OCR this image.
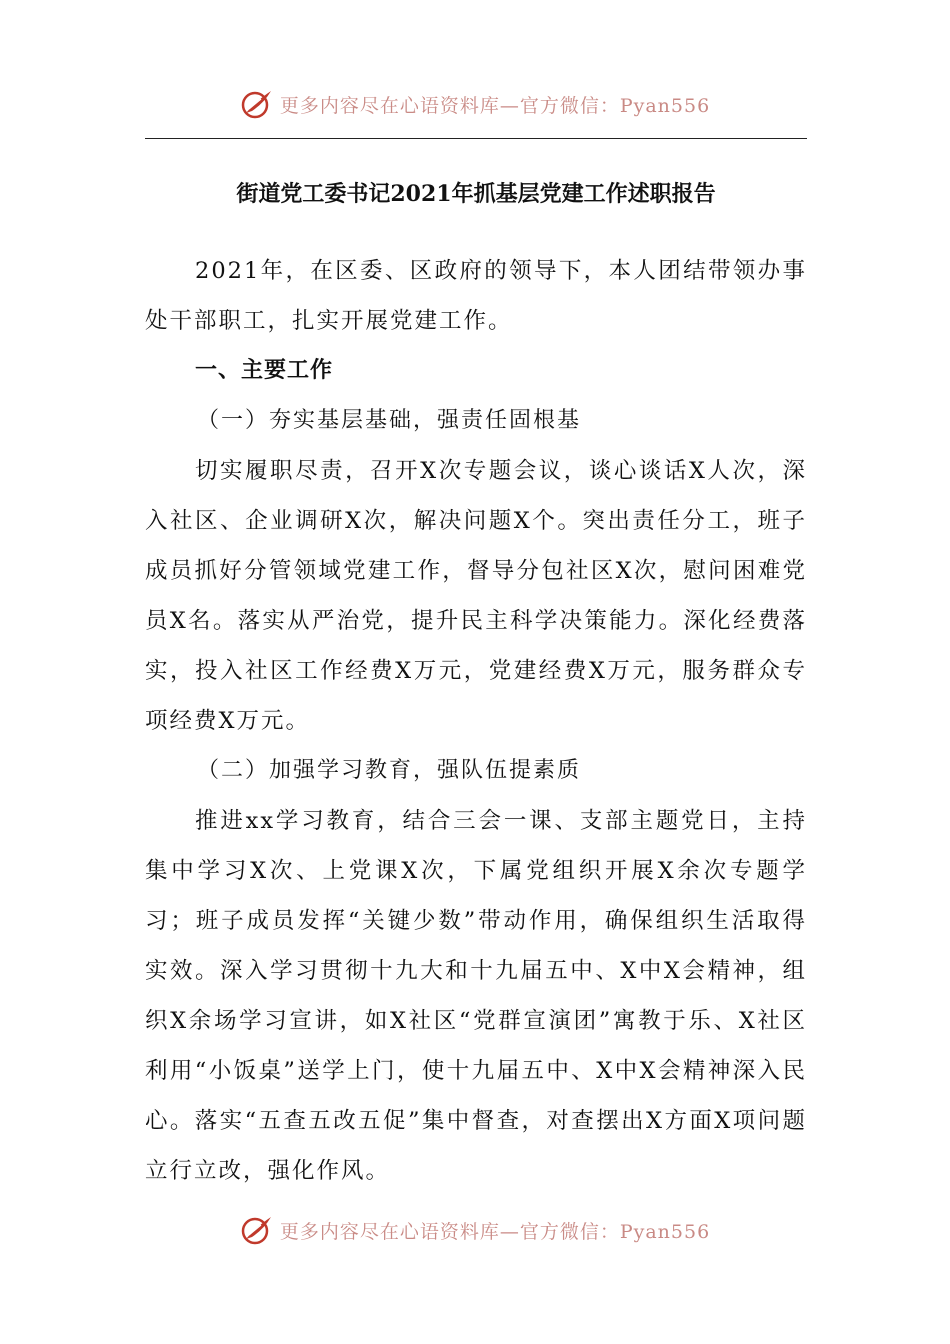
更多内容尽在心语资料库—官方微信：Pyan556
街道党工委书记2021年抓基层党建工作述职报告

2021年，在区委、区政府的领导下，本人团结带领办事处干部职工，扎实开展党建工作。

一、主要工作

（一）夯实基层基础，强责任固根基

切实履职尽责，召开X次专题会议，谈心谈话X人次，深入社区、企业调研X次，解决问题X个。突出责任分工，班子成员抓好分管领域党建工作，督导分包社区X次，慰问困难党员X名。落实从严治党，提升民主科学决策能力。深化经费落实，投入社区工作经费X万元，党建经费X万元，服务群众专项经费X万元。

（二）加强学习教育，强队伍提素质

推进xx学习教育，结合三会一课、支部主题党日，主持集中学习X次、上党课X次，下属党组织开展X余次专题学习；班子成员发挥“关键少数”带动作用，确保组织生活取得实效。深入学习贯彻十九大和十九届五中、X中X会精神，组织X余场学习宣讲，如X社区“党群宣演团”寓教于乐、X社区利用“小饭桌”送学上门，使十九届五中、X中X会精神深入民心。落实“五查五改五促”集中督查，对查摆出X方面X项问题立行立改，强化作风。

更多内容尽在心语资料库—官方微信：Pyan556
